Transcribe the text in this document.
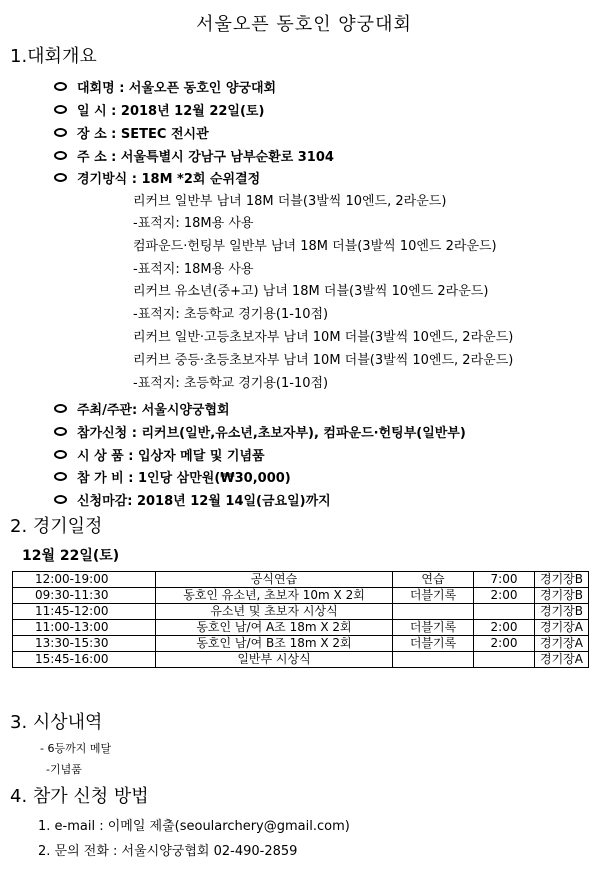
서울오픈 동호인 양궁대회
1.대회개요
대회명 : 서울오픈 동호인 양궁대회
일 시 : 2018년 12월 22일(토)
장 소 : SETEC 전시관
주 소 : 서울특별시 강남구 남부순환로 3104
경기방식 : 18M *2회 순위결정
리커브 일반부 남녀 18M 더블(3발씩 10엔드, 2라운드)
-표적지: 18M용 사용
컴파운드·헌팅부 일반부 남녀 18M 더블(3발씩 10엔드 2라운드)
-표적지: 18M용 사용
리커브 유소년(중+고) 남녀 18M 더블(3발씩 10엔드 2라운드)
-표적지: 초등학교 경기용(1-10점)
리커브 일반·고등초보자부 남녀 10M 더블(3발씩 10엔드, 2라운드)
리커브 중등·초등초보자부 남녀 10M 더블(3발씩 10엔드, 2라운드)
-표적지: 초등학교 경기용(1-10점)
주최/주관: 서울시양궁협회
참가신청 : 리커브(일반,유소년,초보자부), 컴파운드·헌팅부(일반부)
시 상 품 : 입상자 메달 및 기념품
참 가 비 : 1인당 삼만원(₩30,000)
신청마감: 2018년 12월 14일(금요일)까지
2. 경기일정
12월 22일(토)
12:00-19:00	공식연습	연습	7:00	경기장B
09:30-11:30	동호인 유소년, 초보자 10m X 2회	더블기록	2:00	경기장B
11:45-12:00	유소년 및 초보자 시상식			경기장B
11:00-13:00	동호인 남/여 A조 18m X 2회	더블기록	2:00	경기장A
13:30-15:30	동호인 남/여 B조 18m X 2회	더블기록	2:00	경기장A
15:45-16:00	일반부 시상식			경기장A
3. 시상내역
- 6등까지 메달
-기념품
4. 참가 신청 방법
1. e-mail : 이메일 제출(seoularchery@gmail.com)
2. 문의 전화 : 서울시양궁협회 02-490-2859
